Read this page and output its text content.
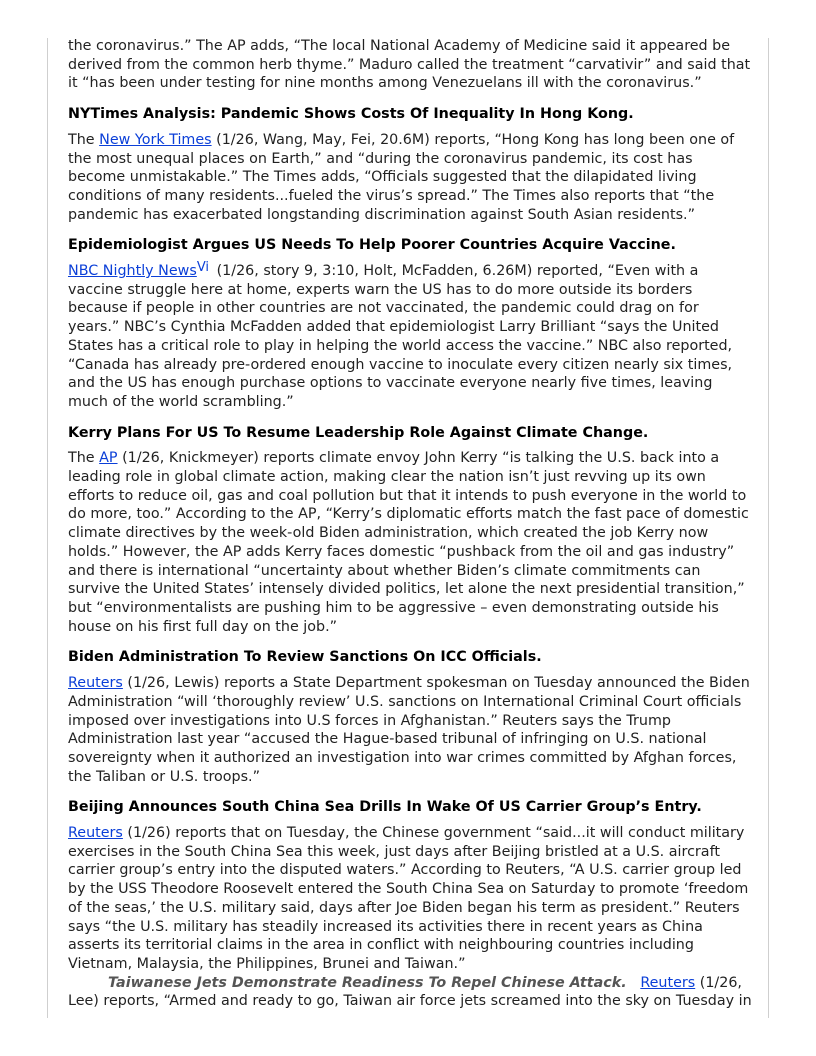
the coronavirus.” The AP adds, “The local National Academy of Medicine said it appeared be derived from the common herb thyme.” Maduro called the treatment “carvativir” and said that it “has been under testing for nine months among Venezuelans ill with the coronavirus.”

NYTimes Analysis: Pandemic Shows Costs Of Inequality In Hong Kong.

The New York Times (1/26, Wang, May, Fei, 20.6M) reports, “Hong Kong has long been one of the most unequal places on Earth,” and “during the coronavirus pandemic, its cost has become unmistakable.” The Times adds, “Officials suggested that the dilapidated living conditions of many residents...fueled the virus’s spread.” The Times also reports that “the pandemic has exacerbated longstanding discrimination against South Asian residents.”

Epidemiologist Argues US Needs To Help Poorer Countries Acquire Vaccine.

NBC Nightly News$^{Vi}$ (1/26, story 9, 3:10, Holt, McFadden, 6.26M) reported, “Even with a vaccine struggle here at home, experts warn the US has to do more outside its borders because if people in other countries are not vaccinated, the pandemic could drag on for years.” NBC’s Cynthia McFadden added that epidemiologist Larry Brilliant “says the United States has a critical role to play in helping the world access the vaccine.” NBC also reported, “Canada has already pre-ordered enough vaccine to inoculate every citizen nearly six times, and the US has enough purchase options to vaccinate everyone nearly five times, leaving much of the world scrambling.”

Kerry Plans For US To Resume Leadership Role Against Climate Change.

The AP (1/26, Knickmeyer) reports climate envoy John Kerry “is talking the U.S. back into a leading role in global climate action, making clear the nation isn’t just revving up its own efforts to reduce oil, gas and coal pollution but that it intends to push everyone in the world to do more, too.” According to the AP, “Kerry’s diplomatic efforts match the fast pace of domestic climate directives by the week-old Biden administration, which created the job Kerry now holds.” However, the AP adds Kerry faces domestic “pushback from the oil and gas industry” and there is international “uncertainty about whether Biden’s climate commitments can survive the United States’ intensely divided politics, let alone the next presidential transition,” but “environmentalists are pushing him to be aggressive – even demonstrating outside his house on his first full day on the job.”

Biden Administration To Review Sanctions On ICC Officials.

Reuters (1/26, Lewis) reports a State Department spokesman on Tuesday announced the Biden Administration “will ‘thoroughly review’ U.S. sanctions on International Criminal Court officials imposed over investigations into U.S forces in Afghanistan.” Reuters says the Trump Administration last year “accused the Hague-based tribunal of infringing on U.S. national sovereignty when it authorized an investigation into war crimes committed by Afghan forces, the Taliban or U.S. troops.”

Beijing Announces South China Sea Drills In Wake Of US Carrier Group’s Entry.

Reuters (1/26) reports that on Tuesday, the Chinese government “said...it will conduct military exercises in the South China Sea this week, just days after Beijing bristled at a U.S. aircraft carrier group’s entry into the disputed waters.” According to Reuters, “A U.S. carrier group led by the USS Theodore Roosevelt entered the South China Sea on Saturday to promote ‘freedom of the seas,’ the U.S. military said, days after Joe Biden began his term as president.” Reuters says “the U.S. military has steadily increased its activities there in recent years as China asserts its territorial claims in the area in conflict with neighbouring countries including Vietnam, Malaysia, the Philippines, Brunei and Taiwan.”

Taiwanese Jets Demonstrate Readiness To Repel Chinese Attack. Reuters (1/26, Lee) reports, “Armed and ready to go, Taiwan air force jets screamed into the sky on Tuesday in
